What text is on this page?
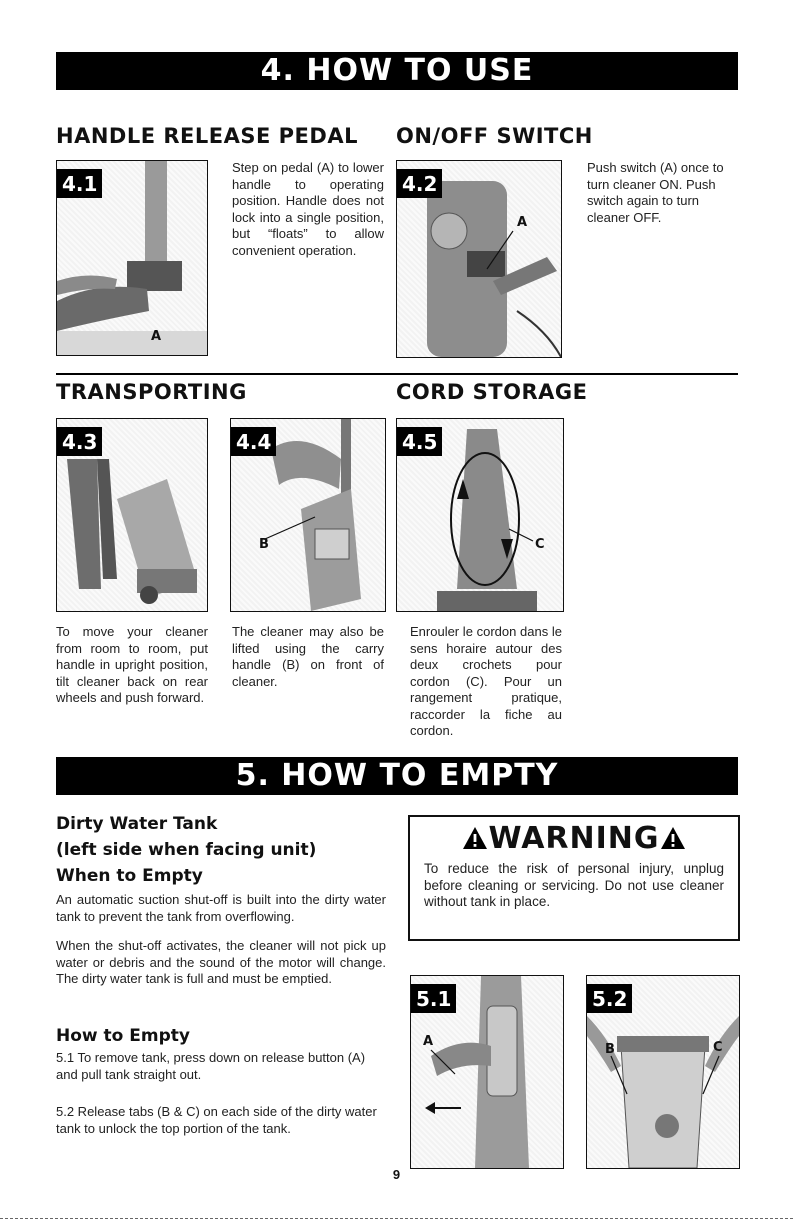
4. HOW TO USE
HANDLE RELEASE PEDAL ON/OFF SWITCH
4.1
A
Step on pedal (A) to lower handle to operating position. Handle does not lock into a single position, but “floats” to allow convenient operation.
4.2
A
Push switch (A) once to turn cleaner ON. Push switch again to turn cleaner OFF.
TRANSPORTING	CORD STORAGE
4.3
To move your cleaner from room to room, put handle in upright position, tilt cleaner back on rear wheels and push forward.
4.4
B
The cleaner may also be lifted using the carry handle (B) on front of cleaner.
4.5
C
Enrouler le cordon dans le sens horaire autour des deux crochets pour cordon (C). Pour un rangement pratique, raccorder la fiche au cordon.
5. HOW TO EMPTY
Dirty Water Tank
(left side when facing unit)
When to Empty
An automatic suction shut-off is built into the dirty water tank to prevent the tank from overflowing.
When the shut-off activates, the cleaner will not pick up water or debris and the sound of the motor will change. The dirty water tank is full and must be emptied.
How to Empty
5.1 To remove tank, press down on release button (A) and pull tank straight out.
5.2 Release tabs (B & C) on each side of the dirty water tank to unlock the top portion of the tank.
WARNING
To reduce the risk of personal injury, unplug before cleaning or servicing. Do not use cleaner without tank in place.
5.1
A
5.2
B	C
9
